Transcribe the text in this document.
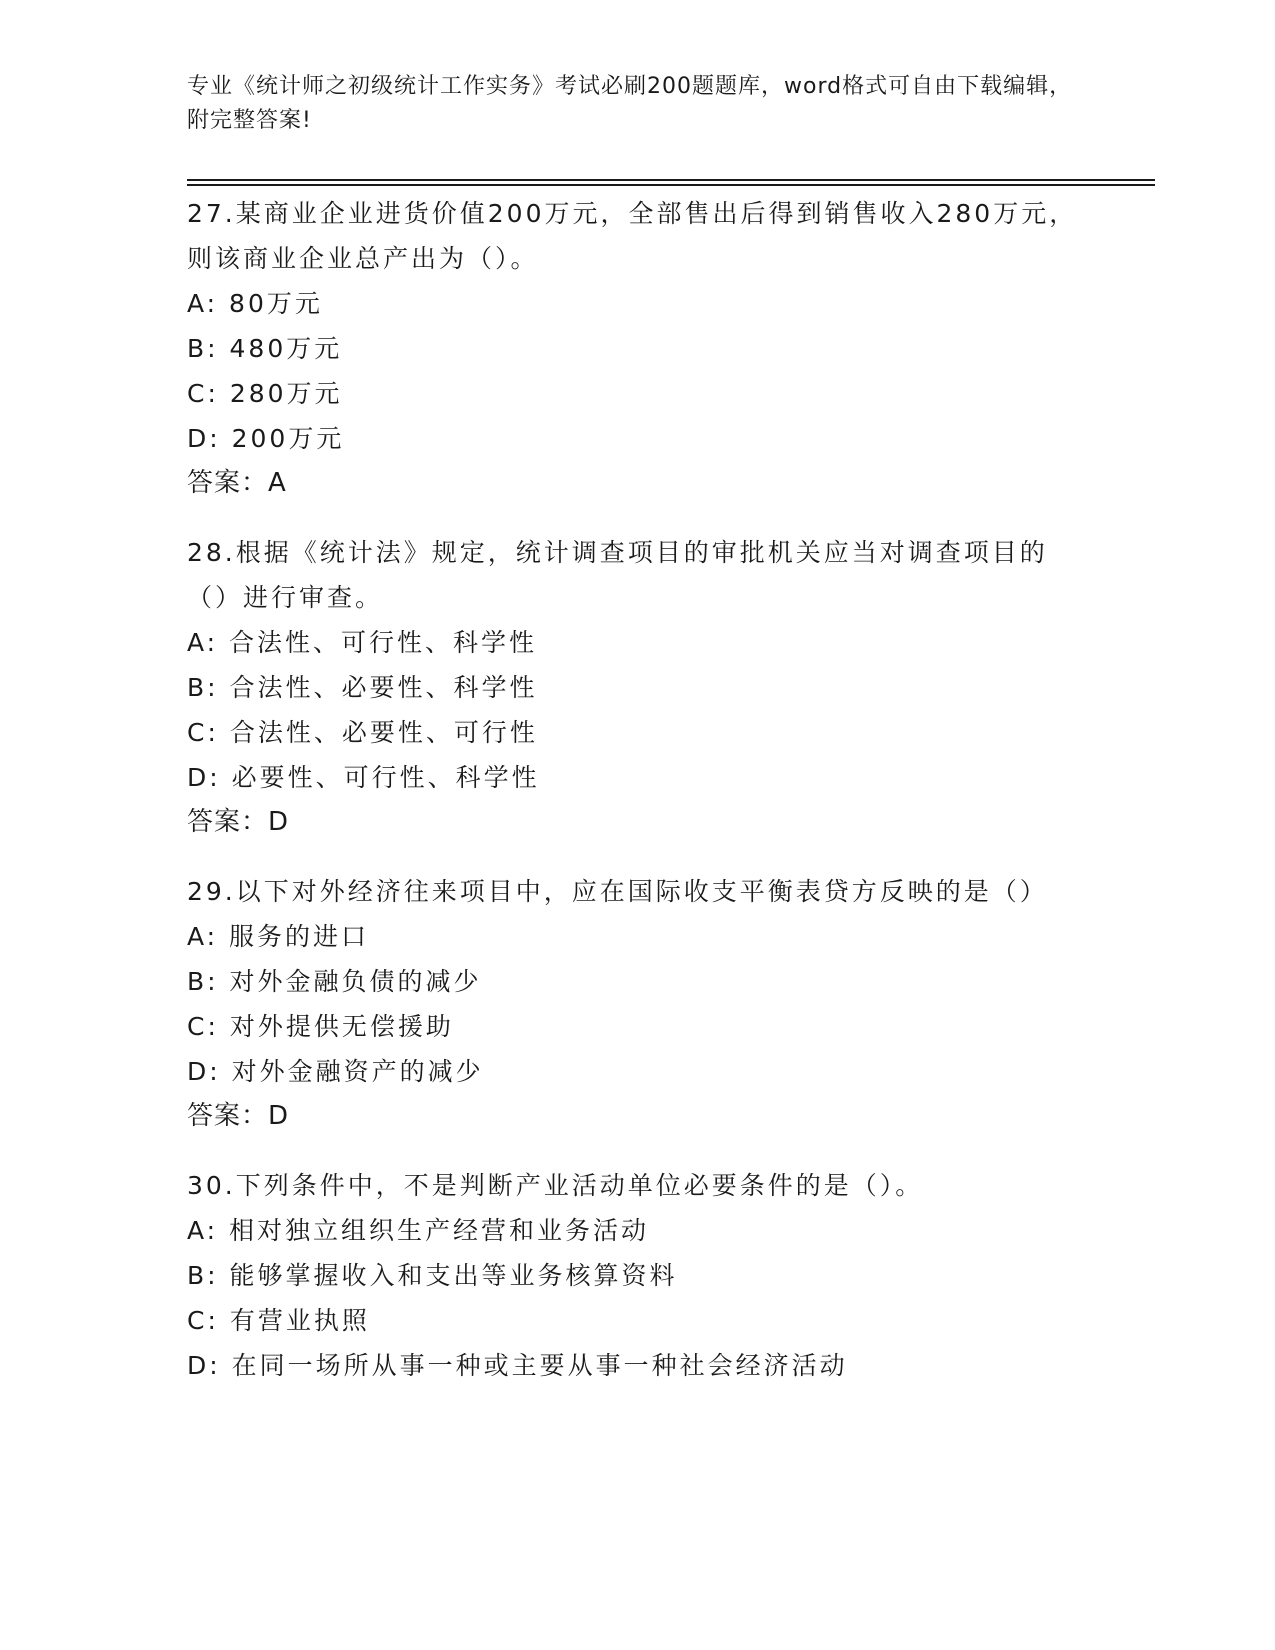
专业《统计师之初级统计工作实务》考试必刷200题题库，word格式可自由下载编辑，附完整答案!
27.某商业企业进货价值200万元，全部售出后得到销售收入280万元，则该商业企业总产出为（）。
A: 80万元
B: 480万元
C: 280万元
D: 200万元
答案：A
28.根据《统计法》规定，统计调查项目的审批机关应当对调查项目的（）进行审查。
A: 合法性、可行性、科学性
B: 合法性、必要性、科学性
C: 合法性、必要性、可行性
D: 必要性、可行性、科学性
答案：D
29.以下对外经济往来项目中，应在国际收支平衡表贷方反映的是（）
A: 服务的进口
B: 对外金融负债的减少
C: 对外提供无偿援助
D: 对外金融资产的减少
答案：D
30.下列条件中，不是判断产业活动单位必要条件的是（）。
A: 相对独立组织生产经营和业务活动
B: 能够掌握收入和支出等业务核算资料
C: 有营业执照
D: 在同一场所从事一种或主要从事一种社会经济活动
